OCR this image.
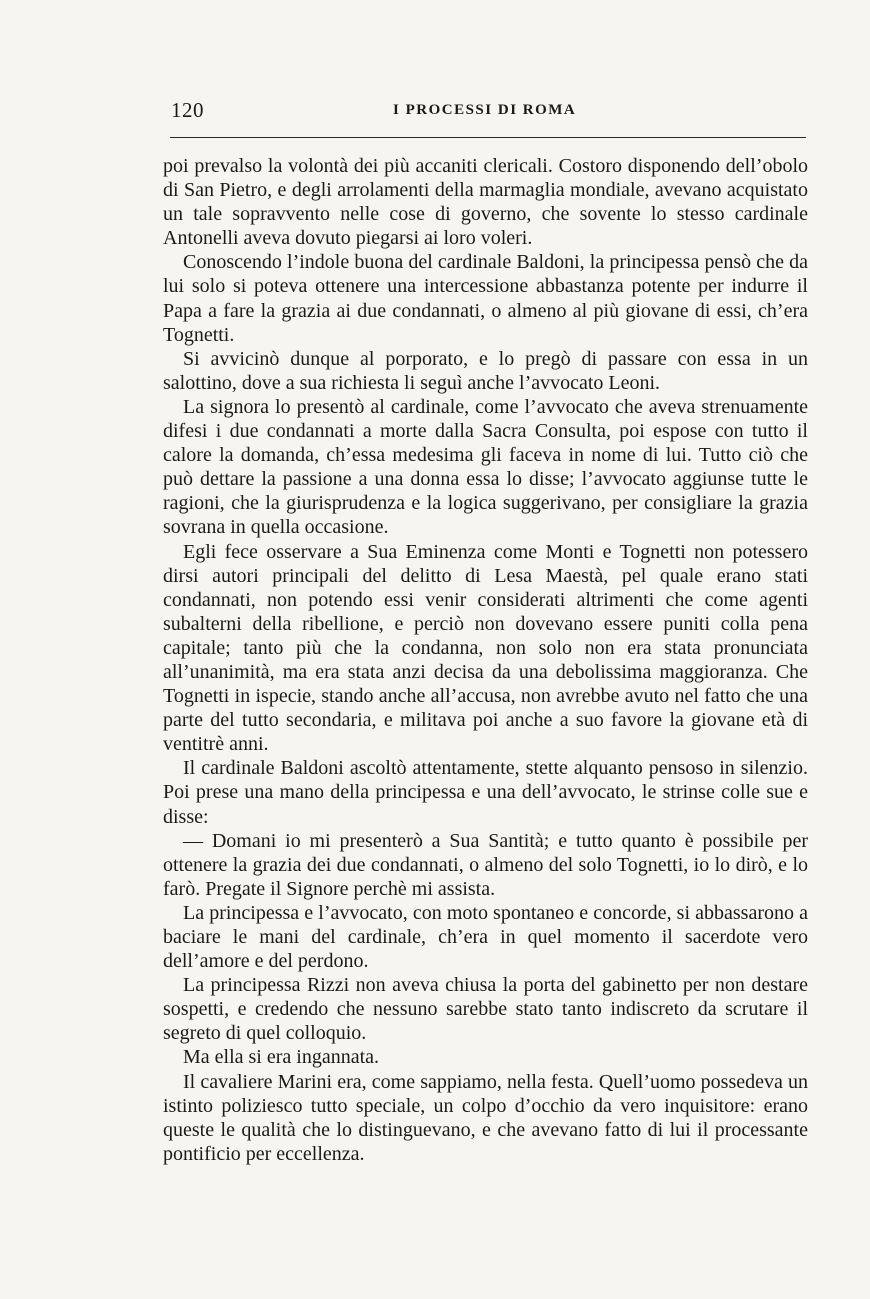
120	I PROCESSI DI ROMA

poi prevalso la volontà dei più accaniti clericali. Costoro disponendo dell’obolo di San Pietro, e degli arrolamenti della marmaglia mondiale, avevano acquistato un tale sopravvento nelle cose di governo, che sovente lo stesso cardinale Antonelli aveva dovuto piegarsi ai loro voleri.

Conoscendo l’indole buona del cardinale Baldoni, la principessa pensò che da lui solo si poteva ottenere una intercessione abbastanza potente per indurre il Papa a fare la grazia ai due condannati, o almeno al più giovane di essi, ch’era Tognetti.

Si avvicinò dunque al porporato, e lo pregò di passare con essa in un salottino, dove a sua richiesta li seguì anche l’avvocato Leoni.

La signora lo presentò al cardinale, come l’avvocato che aveva strenuamente difesi i due condannati a morte dalla Sacra Consulta, poi espose con tutto il calore la domanda, ch’essa medesima gli faceva in nome di lui. Tutto ciò che può dettare la passione a una donna essa lo disse; l’avvocato aggiunse tutte le ragioni, che la giurisprudenza e la logica suggerivano, per consigliare la grazia sovrana in quella occasione.

Egli fece osservare a Sua Eminenza come Monti e Tognetti non potessero dirsi autori principali del delitto di Lesa Maestà, pel quale erano stati condannati, non potendo essi venir considerati altrimenti che come agenti subalterni della ribellione, e perciò non dovevano essere puniti colla pena capitale; tanto più che la condanna, non solo non era stata pronunciata all’unanimità, ma era stata anzi decisa da una debolissima maggioranza. Che Tognetti in ispecie, stando anche all’accusa, non avrebbe avuto nel fatto che una parte del tutto secondaria, e militava poi anche a suo favore la giovane età di ventitrè anni.

Il cardinale Baldoni ascoltò attentamente, stette alquanto pensoso in silenzio. Poi prese una mano della principessa e una dell’avvocato, le strinse colle sue e disse:

— Domani io mi presenterò a Sua Santità; e tutto quanto è possibile per ottenere la grazia dei due condannati, o almeno del solo Tognetti, io lo dirò, e lo farò. Pregate il Signore perchè mi assista.

La principessa e l’avvocato, con moto spontaneo e concorde, si abbassarono a baciare le mani del cardinale, ch’era in quel momento il sacerdote vero dell’amore e del perdono.

La principessa Rizzi non aveva chiusa la porta del gabinetto per non destare sospetti, e credendo che nessuno sarebbe stato tanto indiscreto da scrutare il segreto di quel colloquio.

Ma ella si era ingannata.

Il cavaliere Marini era, come sappiamo, nella festa. Quell’uomo possedeva un istinto poliziesco tutto speciale, un colpo d’occhio da vero inquisitore: erano queste le qualità che lo distinguevano, e che avevano fatto di lui il processante pontificio per eccellenza.
